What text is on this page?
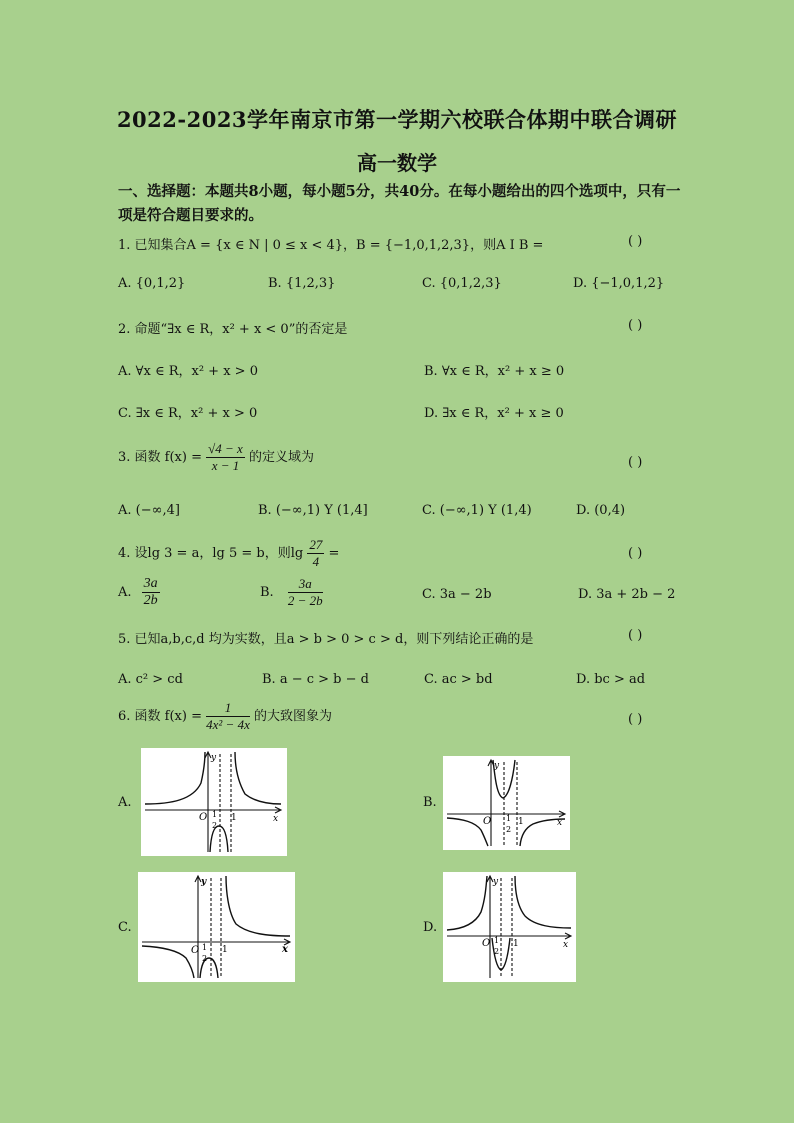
2022-2023学年南京市第一学期六校联合体期中联合调研
高一数学
一、选择题：本题共8小题，每小题5分，共40分。在每小题给出的四个选项中，只有一项是符合题目要求的。
1. 已知集合A = {x ∈ N | 0 ≤ x < 4}，B = {−1,0,1,2,3}，则A I B =	( )
A. {0,1,2}	B. {1,2,3}	C. {0,1,2,3}	D. {−1,0,1,2}
2. 命题“∃x ∈ R，x² + x < 0”的否定是	( )
A. ∀x ∈ R，x² + x > 0	B. ∀x ∈ R，x² + x ≥ 0
C. ∃x ∈ R，x² + x > 0	D. ∃x ∈ R，x² + x ≥ 0
3. 函数 $f(x) = \frac{√4 - x}{x - 1}$ 的定义域为	( )
A. (−∞,4]	B. (−∞,1) Y (1,4]	C. (−∞,1) Y (1,4)	D. (0,4)
4. 设lg 3 = a，lg 5 = b，则$\lg \frac{27}{4}$ =	( )
A. $\frac{3a}{2b}$	B. $\frac{3a}{2 - 2b}$	C. 3a − 2b	D. 3a + 2b − 2
5. 已知a,b,c,d 均为实数，且a > b > 0 > c > d，则下列结论正确的是	( )
A. c² > cd	B. a − c > b − d	C. ac > bd	D. bc > ad
6. 函数 $f(x) = \frac{1}{\text{4x² − 4x}}$ 的大致图象为	( )
A.	B.
C.	D.
O	1
1
2
x
y
O	1
1
2
x
y
O	1
1
2
x
y
O	1
1
2
x
y
